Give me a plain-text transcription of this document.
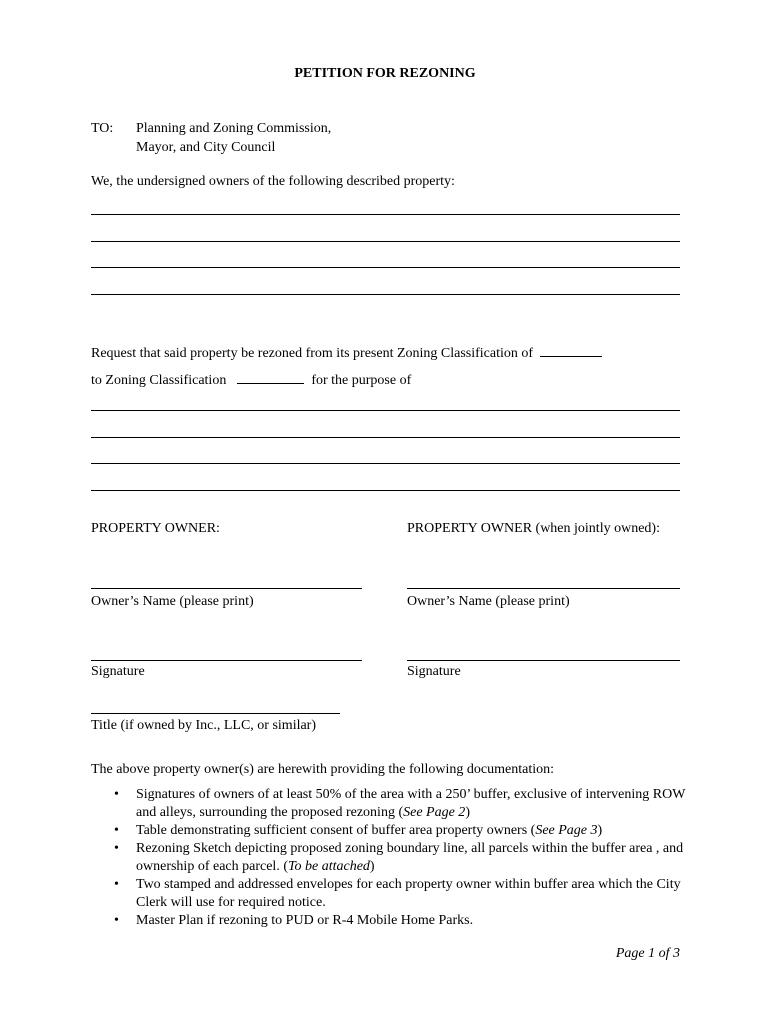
PETITION FOR REZONING
TO: Planning and Zoning Commission,
Mayor, and City Council
We, the undersigned owners of the following described property:
Request that said property be rezoned from its present Zoning Classification of
to Zoning Classification	for the purpose of
PROPERTY OWNER:	PROPERTY OWNER (when jointly owned):
Owner’s Name (please print)	Owner’s Name (please print)
Signature	Signature
Title (if owned by Inc., LLC, or similar)
The above property owner(s) are herewith providing the following documentation:
• Signatures of owners of at least 50% of the area with a 250’ buffer, exclusive of intervening ROW and alleys, surrounding the proposed rezoning (See Page 2)
• Table demonstrating sufficient consent of buffer area property owners (See Page 3)
• Rezoning Sketch depicting proposed zoning boundary line, all parcels within the buffer area , and ownership of each parcel. (To be attached)
• Two stamped and addressed envelopes for each property owner within buffer area which the City Clerk will use for required notice.
• Master Plan if rezoning to PUD or R-4 Mobile Home Parks.
Page 1 of 3
